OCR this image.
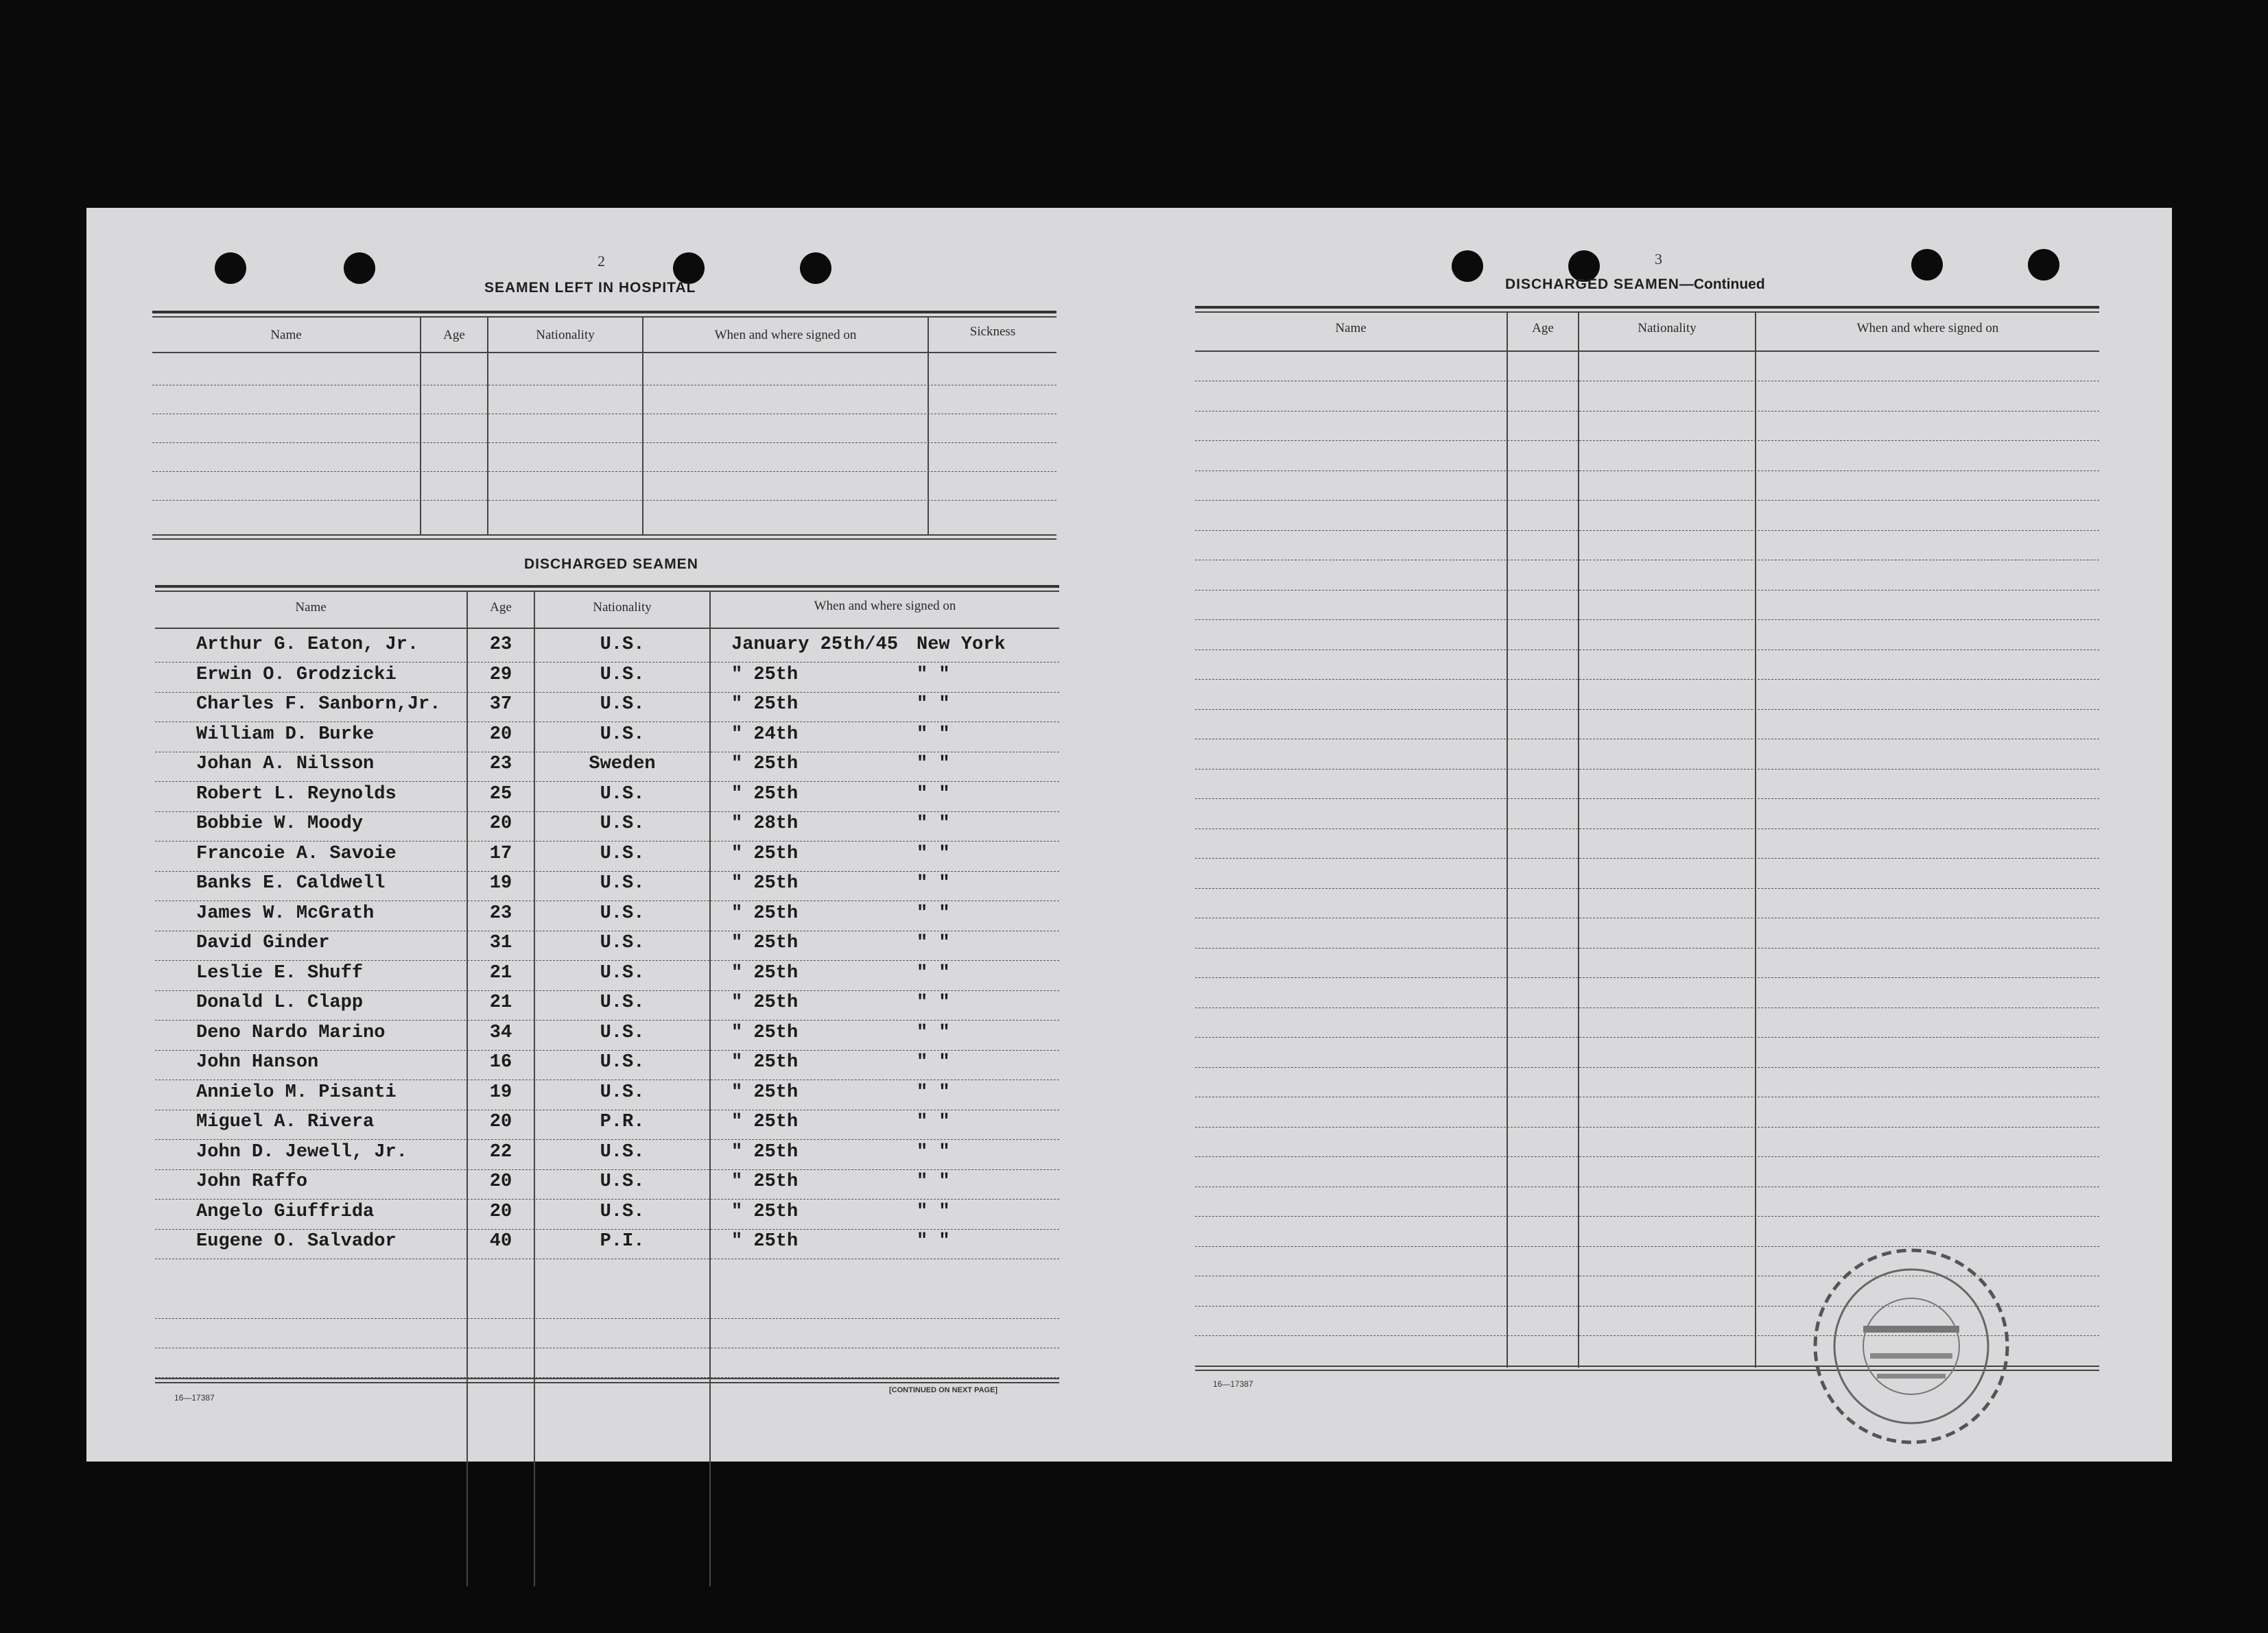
2
SEAMEN LEFT IN HOSPITAL
Name	Age	Nationality	When and where signed on	Sickness
DISCHARGED SEAMEN
Name	Age	Nationality	When and where signed on
Arthur G. Eaton, Jr.	23	U.S.	January 25th/45 New York
Erwin O. Grodzicki	29	U.S.	" 25th	" "
Charles F. Sanborn,Jr.	37	U.S.	" 25th	" "
William D. Burke	20	U.S.	" 24th	" "
Johan A. Nilsson	23	Sweden	" 25th	" "
Robert L. Reynolds	25	U.S.	" 25th	" "
Bobbie W. Moody	20	U.S.	" 28th	" "
Francoie A. Savoie	17	U.S.	" 25th	" "
Banks E. Caldwell	19	U.S.	" 25th	" "
James W. McGrath	23	U.S.	" 25th	" "
David Ginder	31	U.S.	" 25th	" "
Leslie E. Shuff	21	U.S.	" 25th	" "
Donald L. Clapp	21	U.S.	" 25th	" "
Deno Nardo Marino	34	U.S.	" 25th	" "
John Hanson	16	U.S.	" 25th	" "
Annielo M. Pisanti	19	U.S.	" 25th	" "
Miguel A. Rivera	20	P.R.	" 25th	" "
John D. Jewell, Jr.	22	U.S.	" 25th	" "
John Raffo	20	U.S.	" 25th	" "
Angelo Giuffrida	20	U.S.	" 25th	" "
Eugene O. Salvador	40	P.I.	" 25th	" "
16—17387
[CONTINUED ON NEXT PAGE]
3
DISCHARGED SEAMEN—Continued
Name	Age	Nationality	When and where signed on
16—17387
